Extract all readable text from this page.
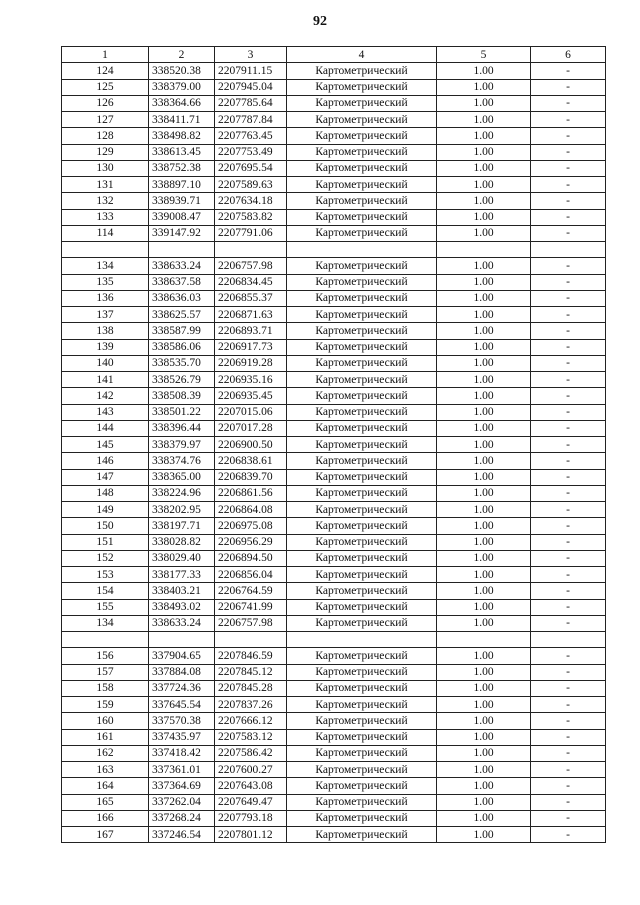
92
1	2	3	4	5	6
124	338520.38	2207911.15	Картометрический	1.00	-
125	338379.00	2207945.04	Картометрический	1.00	-
126	338364.66	2207785.64	Картометрический	1.00	-
127	338411.71	2207787.84	Картометрический	1.00	-
128	338498.82	2207763.45	Картометрический	1.00	-
129	338613.45	2207753.49	Картометрический	1.00	-
130	338752.38	2207695.54	Картометрический	1.00	-
131	338897.10	2207589.63	Картометрический	1.00	-
132	338939.71	2207634.18	Картометрический	1.00	-
133	339008.47	2207583.82	Картометрический	1.00	-
114	339147.92	2207791.06	Картометрический	1.00	-

134	338633.24	2206757.98	Картометрический	1.00	-
135	338637.58	2206834.45	Картометрический	1.00	-
136	338636.03	2206855.37	Картометрический	1.00	-
137	338625.57	2206871.63	Картометрический	1.00	-
138	338587.99	2206893.71	Картометрический	1.00	-
139	338586.06	2206917.73	Картометрический	1.00	-
140	338535.70	2206919.28	Картометрический	1.00	-
141	338526.79	2206935.16	Картометрический	1.00	-
142	338508.39	2206935.45	Картометрический	1.00	-
143	338501.22	2207015.06	Картометрический	1.00	-
144	338396.44	2207017.28	Картометрический	1.00	-
145	338379.97	2206900.50	Картометрический	1.00	-
146	338374.76	2206838.61	Картометрический	1.00	-
147	338365.00	2206839.70	Картометрический	1.00	-
148	338224.96	2206861.56	Картометрический	1.00	-
149	338202.95	2206864.08	Картометрический	1.00	-
150	338197.71	2206975.08	Картометрический	1.00	-
151	338028.82	2206956.29	Картометрический	1.00	-
152	338029.40	2206894.50	Картометрический	1.00	-
153	338177.33	2206856.04	Картометрический	1.00	-
154	338403.21	2206764.59	Картометрический	1.00	-
155	338493.02	2206741.99	Картометрический	1.00	-
134	338633.24	2206757.98	Картометрический	1.00	-

156	337904.65	2207846.59	Картометрический	1.00	-
157	337884.08	2207845.12	Картометрический	1.00	-
158	337724.36	2207845.28	Картометрический	1.00	-
159	337645.54	2207837.26	Картометрический	1.00	-
160	337570.38	2207666.12	Картометрический	1.00	-
161	337435.97	2207583.12	Картометрический	1.00	-
162	337418.42	2207586.42	Картометрический	1.00	-
163	337361.01	2207600.27	Картометрический	1.00	-
164	337364.69	2207643.08	Картометрический	1.00	-
165	337262.04	2207649.47	Картометрический	1.00	-
166	337268.24	2207793.18	Картометрический	1.00	-
167	337246.54	2207801.12	Картометрический	1.00	-
